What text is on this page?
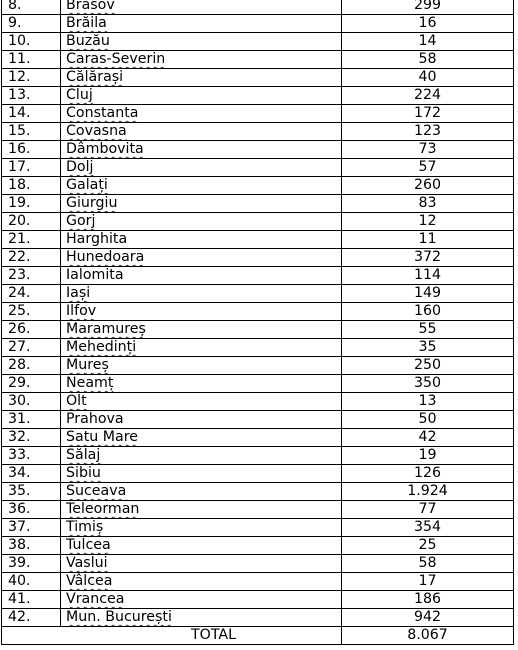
8.	Brasov	299
9.	Brăila	16
10.	Buzău	14
11.	Caras-Severin	58
12.	Călărași	40
13.	Cluj	224
14.	Constanta	172
15.	Covasna	123
16.	Dâmbovita	73
17.	Dolj	57
18.	Galați	260
19.	Giurgiu	83
20.	Gorj	12
21.	Harghita	11
22.	Hunedoara	372
23.	Ialomita	114
24.	Iași	149
25.	Ilfov	160
26.	Maramureș	55
27.	Mehedinți	35
28.	Mureș	250
29.	Neamț	350
30.	Olt	13
31.	Prahova	50
32.	Satu Mare	42
33.	Sălaj	19
34.	Sibiu	126
35.	Suceava	1.924
36.	Teleorman	77
37.	Timiș	354
38.	Tulcea	25
39.	Vaslui	58
40.	Vâlcea	17
41.	Vrancea	186
42.	Mun. București	942
TOTAL		8.067
